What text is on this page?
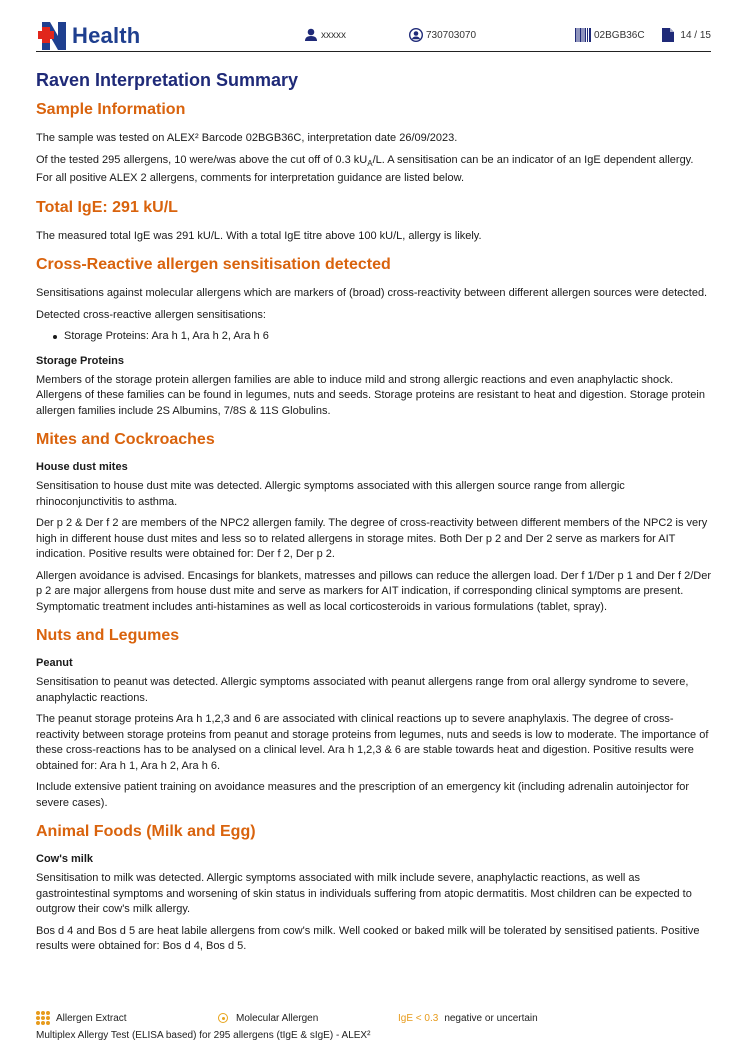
Health	xxxxx	730703070	02BGB36C	14 / 15
Raven Interpretation Summary
Sample Information

The sample was tested on ALEX² Barcode 02BGB36C, interpretation date 26/09/2023.

Of the tested 295 allergens, 10 were/was above the cut off of 0.3 $kU_A/L$. A sensitisation can be an indicator of an IgE dependent allergy. For all positive ALEX 2 allergens, comments for interpretation guidance are listed below.

Total IgE: 291 kU/L

The measured total IgE was 291 kU/L. With a total IgE titre above 100 kU/L, allergy is likely.

Cross-Reactive allergen sensitisation detected

Sensitisations against molecular allergens which are markers of (broad) cross-reactivity between different allergen sources were detected.

Detected cross-reactive allergen sensitisations:

Storage Proteins: Ara h 1, Ara h 2, Ara h 6
Storage Proteins

Members of the storage protein allergen families are able to induce mild and strong allergic reactions and even anaphylactic shock. Allergens of these families can be found in legumes, nuts and seeds. Storage proteins are resistant to heat and digestion. Storage protein allergen families include 2S Albumins, 7/8S & 11S Globulins.

Mites and Cockroaches
House dust mites

Sensitisation to house dust mite was detected. Allergic symptoms associated with this allergen source range from allergic rhinoconjunctivitis to asthma.

Der p 2 & Der f 2 are members of the NPC2 allergen family. The degree of cross-reactivity between different members of the NPC2 is very high in different house dust mites and less so to related allergens in storage mites. Both Der p 2 and Der 2 serve as markers for AIT indication. Positive results were obtained for: Der f 2, Der p 2.

Allergen avoidance is advised. Encasings for blankets, matresses and pillows can reduce the allergen load. Der f 1/Der p 1 and Der f 2/Der p 2 are major allergens from house dust mite and serve as markers for AIT indication, if corresponding clinical symptoms are present. Symptomatic treatment includes anti-histamines as well as local corticosteroids in various formulations (tablet, spray).

Nuts and Legumes
Peanut

Sensitisation to peanut was detected. Allergic symptoms associated with peanut allergens range from oral allergy syndrome to severe, anaphylactic reactions.

The peanut storage proteins Ara h 1,2,3 and 6 are associated with clinical reactions up to severe anaphylaxis. The degree of cross-reactivity between storage proteins from peanut and storage proteins from legumes, nuts and seeds is low to moderate. The importance of these cross-reactions has to be analysed on a clinical level. Ara h 1,2,3 & 6 are stable towards heat and digestion. Positive results were obtained for: Ara h 1, Ara h 2, Ara h 6.

Include extensive patient training on avoidance measures and the prescription of an emergency kit (including adrenalin autoinjector for severe cases).

Animal Foods (Milk and Egg)
Cow's milk

Sensitisation to milk was detected. Allergic symptoms associated with milk include severe, anaphylactic reactions, as well as gastrointestinal symptoms and worsening of skin status in individuals suffering from atopic dermatitis. Most children can be expected to outgrow their cow's milk allergy.

Bos d 4 and Bos d 5 are heat labile allergens from cow's milk. Well cooked or baked milk will be tolerated by sensitised patients. Positive results were obtained for: Bos d 4, Bos d 5.

Allergen Extract	Molecular Allergen	IgE < 0.3 negative or uncertain
Multiplex Allergy Test (ELISA based) for 295 allergens (tIgE & sIgE) - ALEX²
